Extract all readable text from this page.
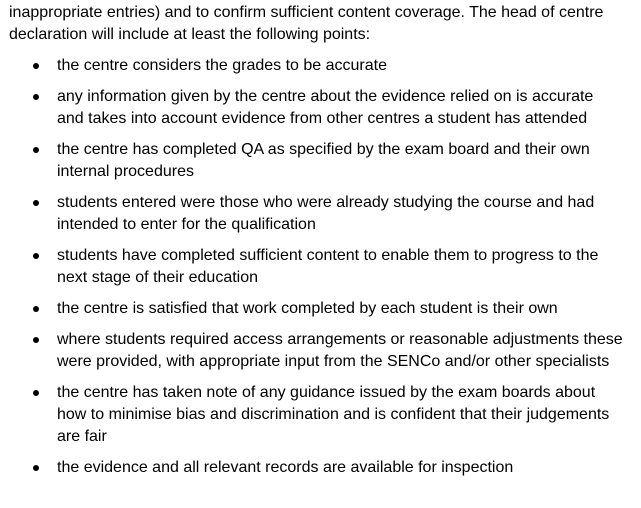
inappropriate entries) and to confirm sufficient content coverage. The head of centre
declaration will include at least the following points:

the centre considers the grades to be accurate
any information given by the centre about the evidence relied on is accurate and takes into account evidence from other centres a student has attended
the centre has completed QA as specified by the exam board and their own internal procedures
students entered were those who were already studying the course and had intended to enter for the qualification
students have completed sufficient content to enable them to progress to the next stage of their education
the centre is satisfied that work completed by each student is their own
where students required access arrangements or reasonable adjustments these were provided, with appropriate input from the SENCo and/or other specialists
the centre has taken note of any guidance issued by the exam boards about how to minimise bias and discrimination and is confident that their judgements are fair
the evidence and all relevant records are available for inspection
